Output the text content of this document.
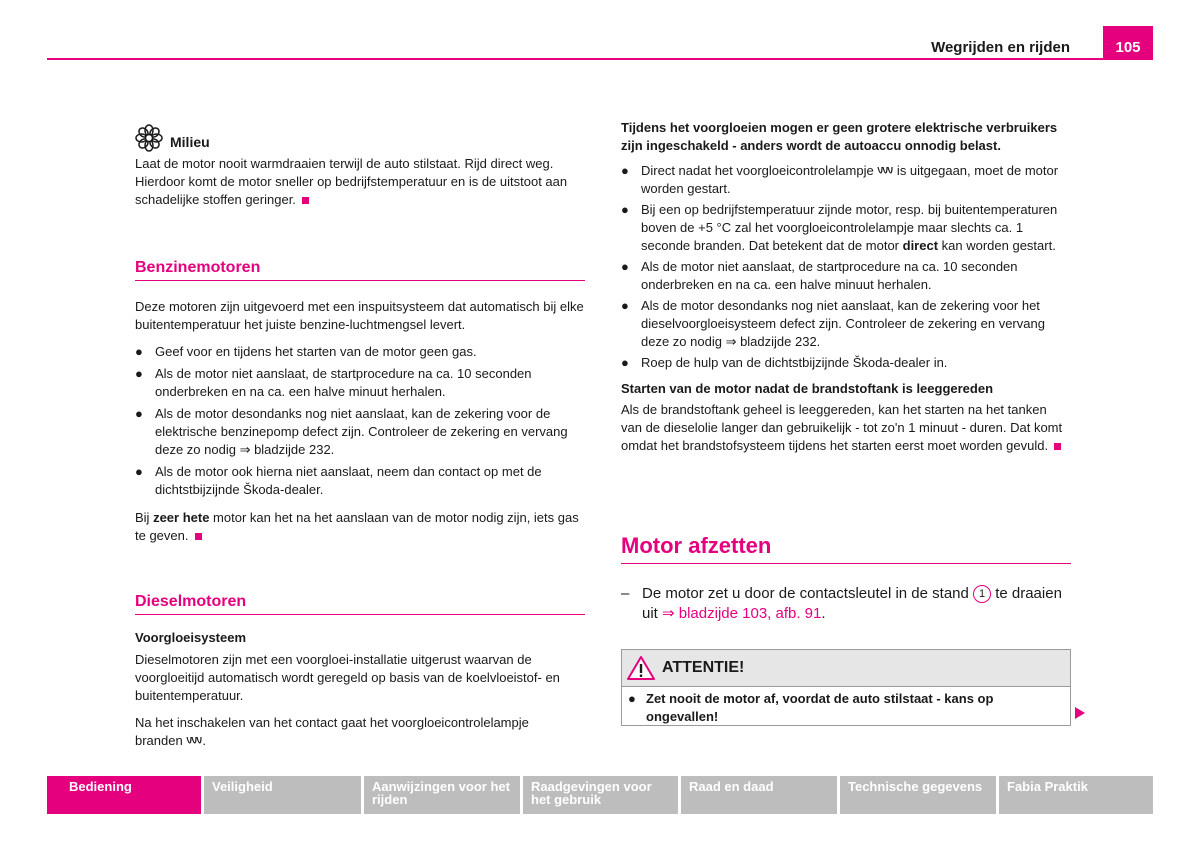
Wegrijden en rijden	105
Milieu

Laat de motor nooit warmdraaien terwijl de auto stilstaat. Rijd direct weg. Hierdoor komt de motor sneller op bedrijfstemperatuur en is de uitstoot aan schadelijke stoffen geringer.

Benzinemotoren

Deze motoren zijn uitgevoerd met een inspuitsysteem dat automatisch bij elke buitentemperatuur het juiste benzine-luchtmengsel levert.

● Geef voor en tijdens het starten van de motor geen gas.

● Als de motor niet aanslaat, de startprocedure na ca. 10 seconden onderbreken en na ca. een halve minuut herhalen.

● Als de motor desondanks nog niet aanslaat, kan de zekering voor de elektrische benzinepomp defect zijn. Controleer de zekering en vervang deze zo nodig ⇒ bladzijde 232.

● Als de motor ook hierna niet aanslaat, neem dan contact op met de dichtstbijzijnde Škoda-dealer.

Bij zeer hete motor kan het na het aanslaan van de motor nodig zijn, iets gas te geven.

Dieselmotoren

Voorgloeisysteem

Dieselmotoren zijn met een voorgloei-installatie uitgerust waarvan de voorgloeitijd automatisch wordt geregeld op basis van de koelvloeistof- en buitentemperatuur.

Na het inschakelen van het contact gaat het voorgloeicontrolelampje branden .

Tijdens het voorgloeien mogen er geen grotere elektrische verbruikers zijn ingeschakeld - anders wordt de autoaccu onnodig belast.

● Direct nadat het voorgloeicontrolelampje  is uitgegaan, moet de motor worden gestart.

● Bij een op bedrijfstemperatuur zijnde motor, resp. bij buitentemperaturen boven de +5 °C zal het voorgloeicontrolelampje maar slechts ca. 1 seconde branden. Dat betekent dat de motor direct kan worden gestart.

● Als de motor niet aanslaat, de startprocedure na ca. 10 seconden onderbreken en na ca. een halve minuut herhalen.

● Als de motor desondanks nog niet aanslaat, kan de zekering voor het dieselvoorgloeisysteem defect zijn. Controleer de zekering en vervang deze zo nodig ⇒ bladzijde 232.

● Roep de hulp van de dichtstbijzijnde Škoda-dealer in.

Starten van de motor nadat de brandstoftank is leeggereden

Als de brandstoftank geheel is leeggereden, kan het starten na het tanken van de dieselolie langer dan gebruikelijk - tot zo'n 1 minuut - duren. Dat komt omdat het brandstofsysteem tijdens het starten eerst moet worden gevuld.

Motor afzetten
– De motor zet u door de contactsleutel in de stand 1 te draaien uit ⇒ bladzijde 103, afb. 91.
ATTENTIE!

● Zet nooit de motor af, voordat de auto stilstaat - kans op ongevallen!

Bediening	Veiligheid	Aanwijzingen voor het rijden
Raadgevingen voor het gebruik
Raad en daad	Technische gegevens	Fabia Praktik
